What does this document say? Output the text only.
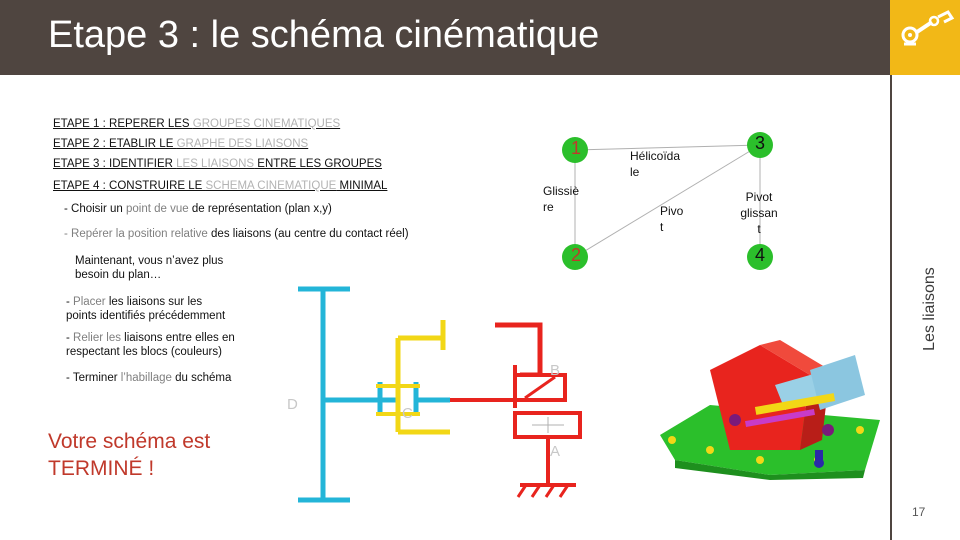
Etape 3 : le schéma cinématique
Les liaisons
17
ETAPE 1 : REPERER LES GROUPES CINEMATIQUES
ETAPE 2 : ETABLIR LE GRAPHE DES LIAISONS
ETAPE 3 : IDENTIFIER LES LIAISONS ENTRE LES GROUPES
ETAPE 4 : CONSTRUIRE LE SCHEMA CINEMATIQUE MINIMAL
- Choisir un point de vue de représentation (plan x,y)
- Repérer la position relative des liaisons (au centre du contact réel)
Maintenant, vous n’avez plus
besoin du plan…
- Placer les liaisons sur les
points identifiés précédemment
- Relier les liaisons entre elles en
respectant les blocs (couleurs)
- Terminer l’habillage du schéma
Votre schéma est
TERMINÉ !
1
2
3
4
Glissiè
re
Hélicoïda
le
Pivo
t
Pivot
glissan
t
B
A
C
D
